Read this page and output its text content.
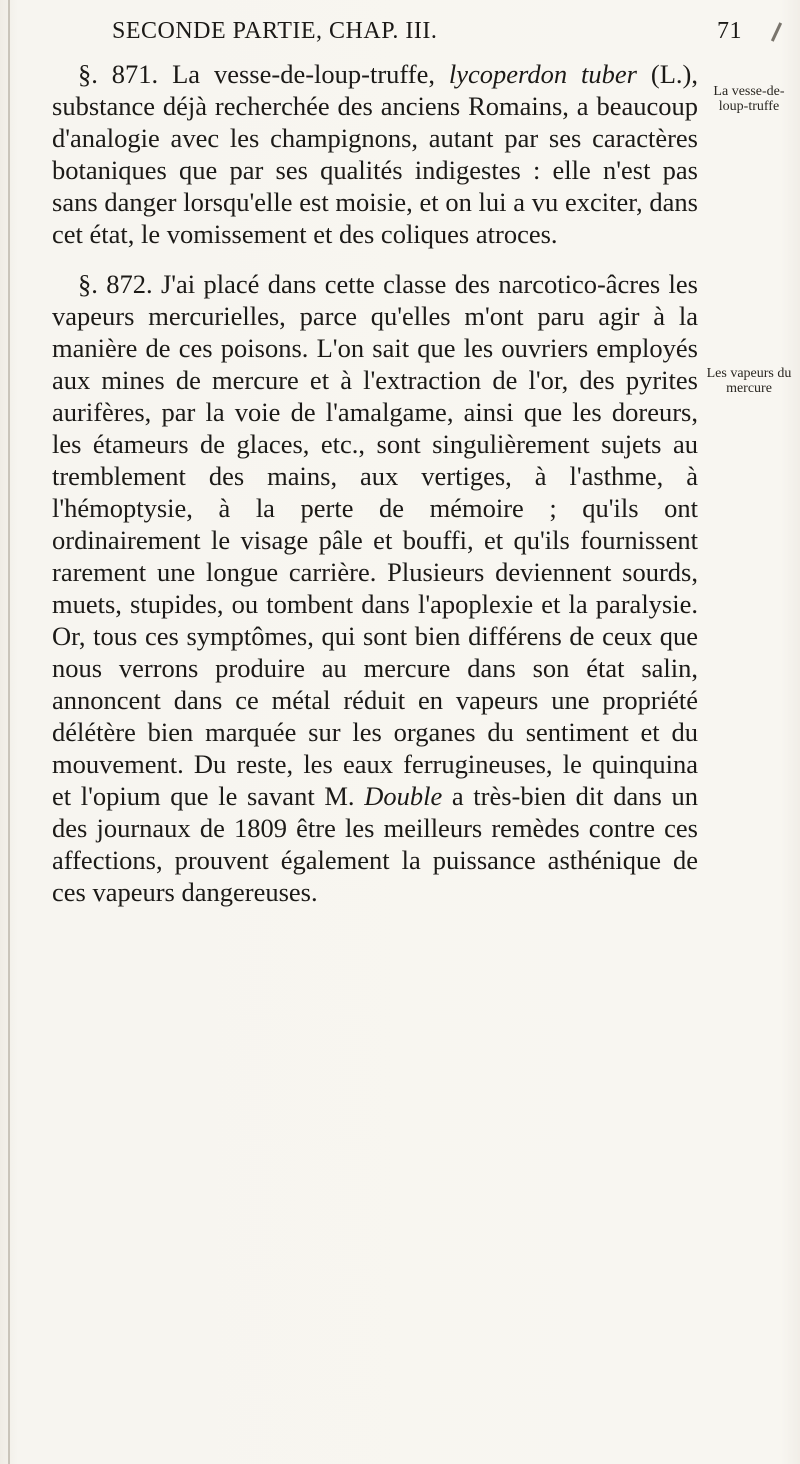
SECONDE PARTIE, CHAP. III.	71

§. 871. La vesse-de-loup-truffe, lycoperdon tuber (L.), substance déjà recherchée des anciens Romains, a beaucoup d'analogie avec les champignons, autant par ses caractères botaniques que par ses qualités indigestes : elle n'est pas sans danger lorsqu'elle est moisie, et on lui a vu exciter, dans cet état, le vomissement et des coliques atroces.

§. 872. J'ai placé dans cette classe des narcotico-âcres les vapeurs mercurielles, parce qu'elles m'ont paru agir à la manière de ces poisons. L'on sait que les ouvriers employés aux mines de mercure et à l'extraction de l'or, des pyrites aurifères, par la voie de l'amalgame, ainsi que les doreurs, les étameurs de glaces, etc., sont singulièrement sujets au tremblement des mains, aux vertiges, à l'asthme, à l'hémoptysie, à la perte de mémoire ; qu'ils ont ordinairement le visage pâle et bouffi, et qu'ils fournissent rarement une longue carrière. Plusieurs deviennent sourds, muets, stupides, ou tombent dans l'apoplexie et la paralysie. Or, tous ces symptômes, qui sont bien différens de ceux que nous verrons produire au mercure dans son état salin, annoncent dans ce métal réduit en vapeurs une propriété délétère bien marquée sur les organes du sentiment et du mouvement. Du reste, les eaux ferrugineuses, le quinquina et l'opium que le savant M. Double a très-bien dit dans un des journaux de 1809 être les meilleurs remèdes contre ces affections, prouvent également la puissance asthénique de ces vapeurs dangereuses.

La vesse-de-loup-truffe
Les vapeurs du mercure
